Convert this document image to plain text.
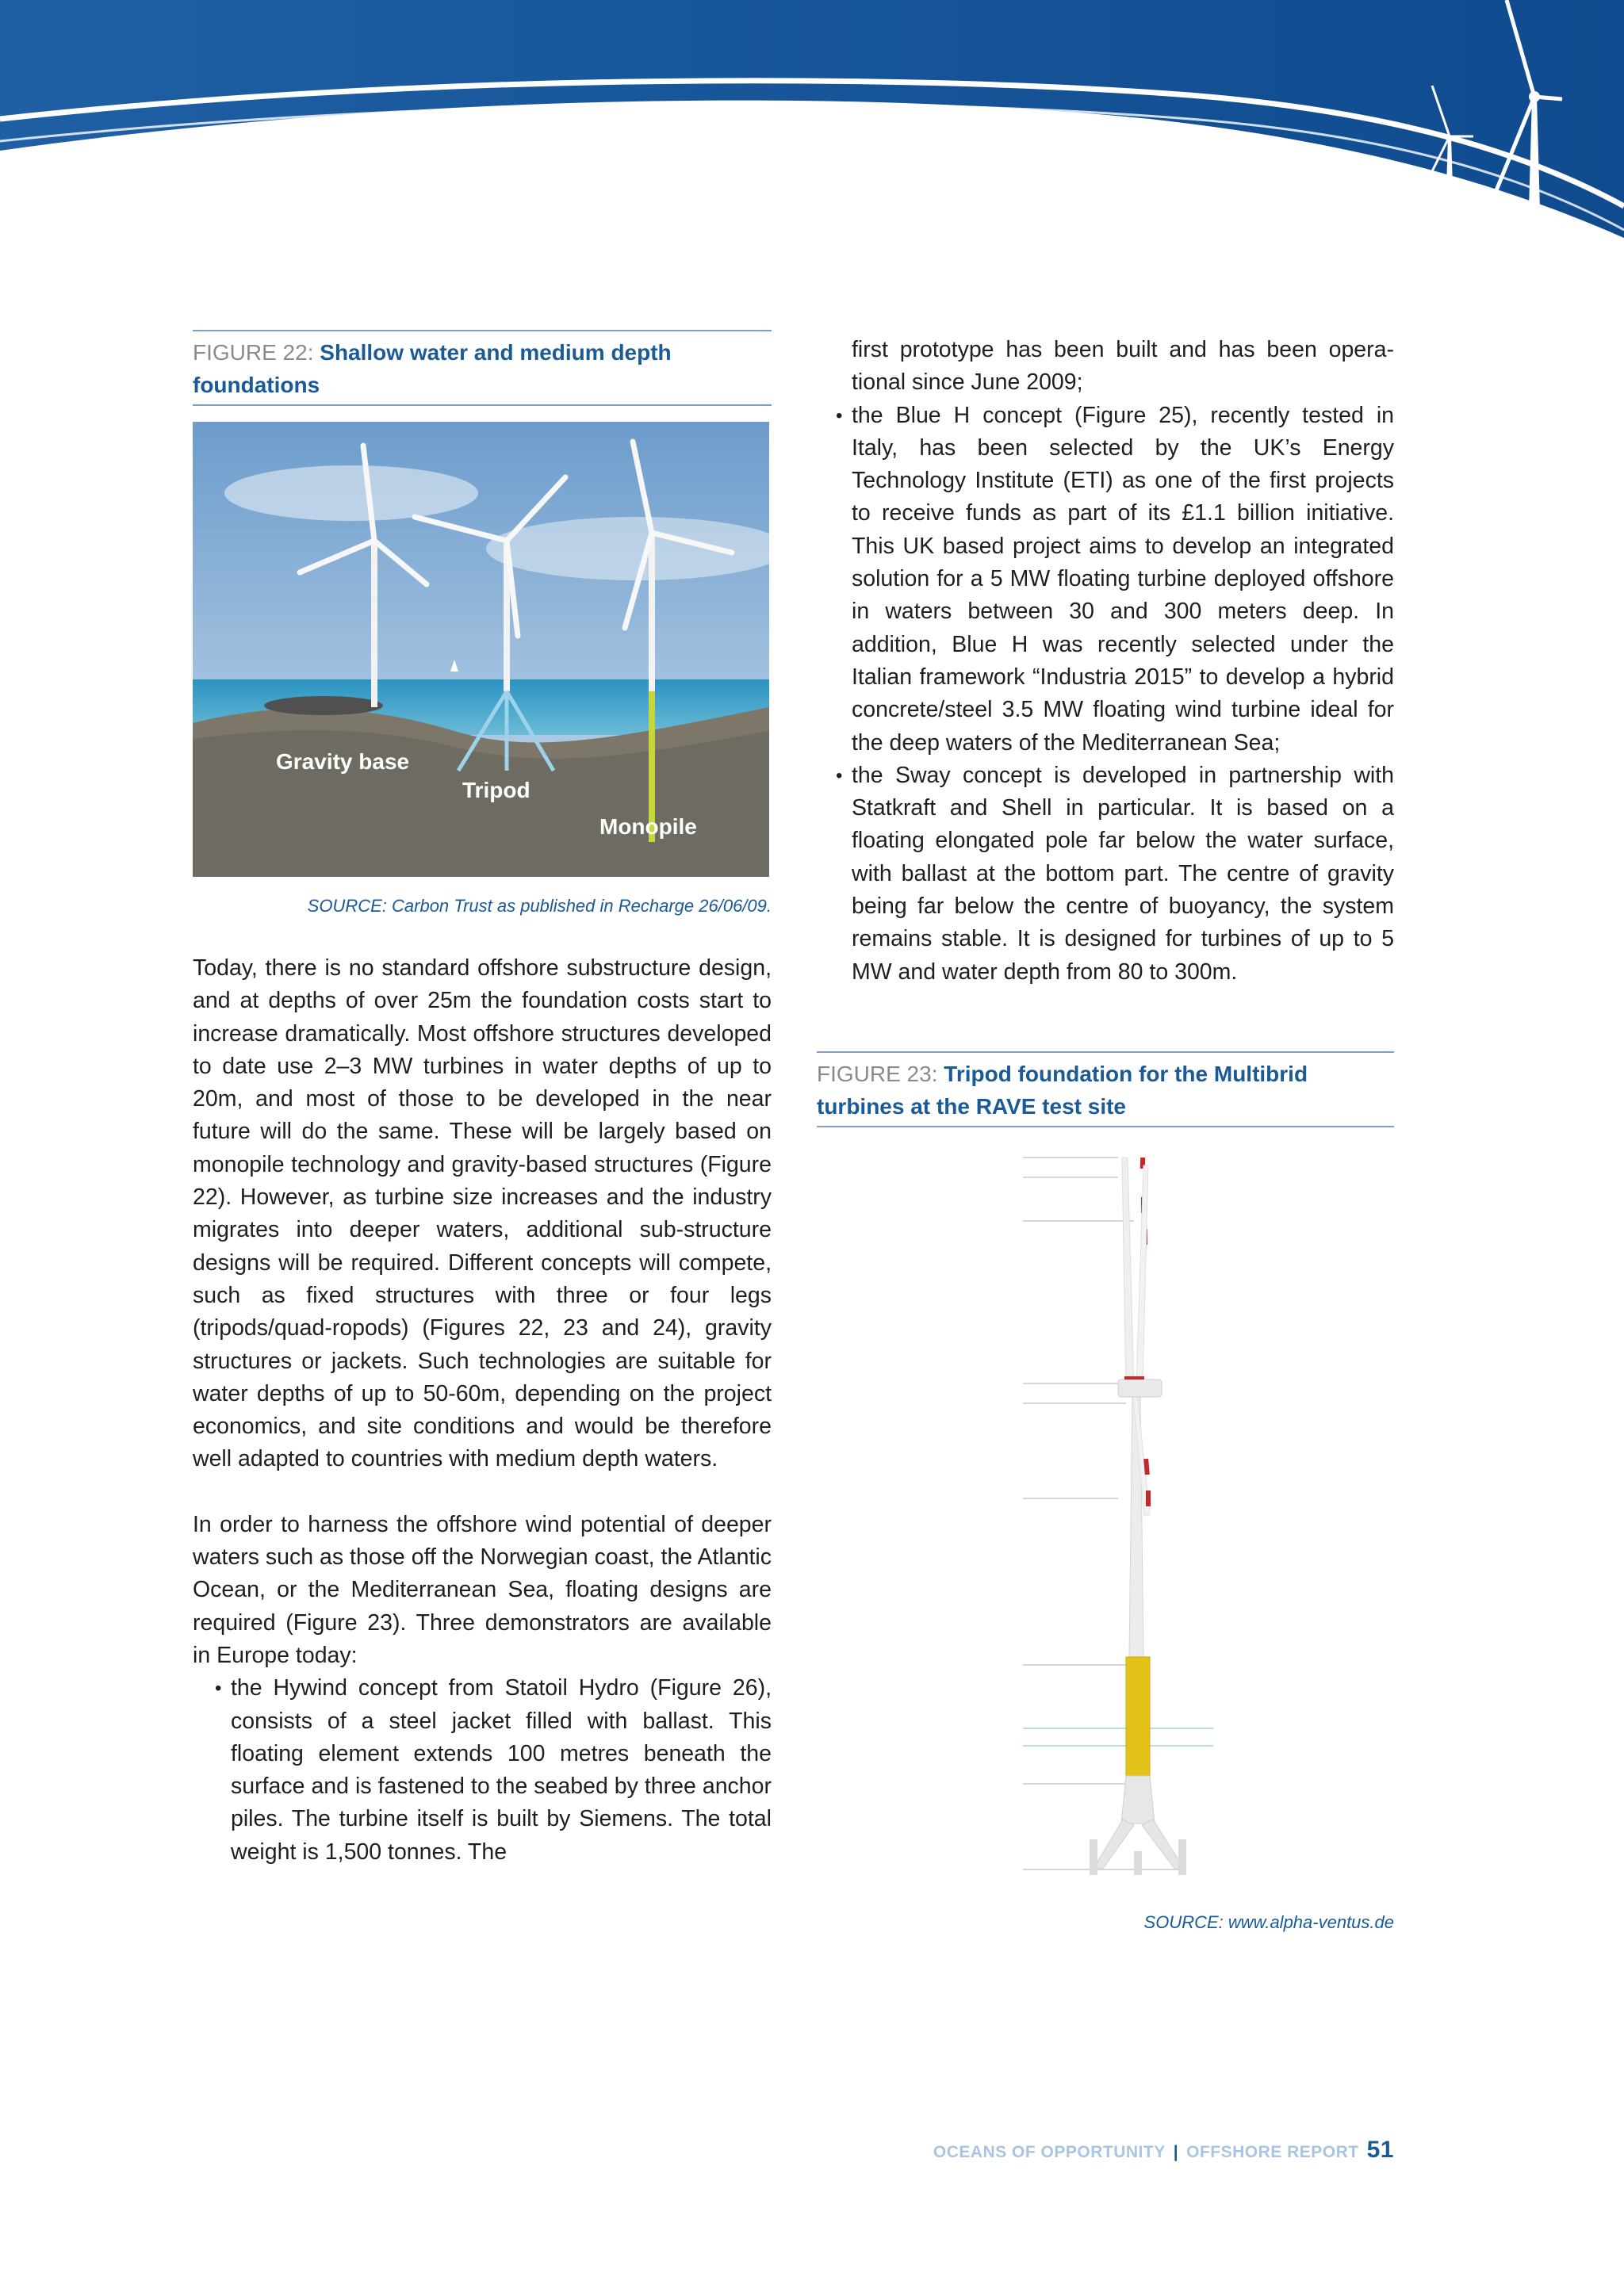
FIGURE 22: Shallow water and medium depth foundations
Gravity base
Tripod
Monopile
SOURCE: Carbon Trust as published in Recharge 26/06/09.

Today, there is no standard offshore substructure design, and at depths of over 25m the foundation costs start to increase dramatically. Most offshore structures developed to date use 2–3 MW turbines in water depths of up to 20m, and most of those to be developed in the near future will do the same. These will be largely based on monopile technology and gravity-based structures (Figure 22). However, as turbine size increases and the industry migrates into deeper waters, additional sub-structure designs will be required. Different concepts will compete, such as fixed structures with three or four legs (tripods/quad-ropods) (Figures 22, 23 and 24), gravity structures or jackets. Such technologies are suitable for water depths of up to 50-60m, depending on the project economics, and site conditions and would be therefore well adapted to countries with medium depth waters.

In order to harness the offshore wind potential of deeper waters such as those off the Norwegian coast, the Atlantic Ocean, or the Mediterranean Sea, floating designs are required (Figure 23). Three demonstrators are available in Europe today:

• the Hywind concept from Statoil Hydro (Figure 26), consists of a steel jacket filled with ballast. This floating element extends 100 metres beneath the surface and is fastened to the seabed by three anchor piles. The turbine itself is built by Siemens. The total weight is 1,500 tonnes. The

first prototype has been built and has been opera-tional since June 2009;

• the Blue H concept (Figure 25), recently tested in Italy, has been selected by the UK’s Energy Technology Institute (ETI) as one of the first projects to receive funds as part of its £1.1 billion initiative. This UK based project aims to develop an integrated solution for a 5 MW floating turbine deployed offshore in waters between 30 and 300 meters deep. In addition, Blue H was recently selected under the Italian framework “Industria 2015” to develop a hybrid concrete/steel 3.5 MW floating wind turbine ideal for the deep waters of the Mediterranean Sea;
• the Sway concept is developed in partnership with Statkraft and Shell in particular. It is based on a floating elongated pole far below the water surface, with ballast at the bottom part. The centre of gravity being far below the centre of buoyancy, the system remains stable. It is designed for turbines of up to 5 MW and water depth from 80 to 300m.
FIGURE 23: Tripod foundation for the Multibrid turbines at the RAVE test site
SOURCE: www.alpha-ventus.de
OCEANS OF OPPORTUNITY | OFFSHORE REPORT 51
